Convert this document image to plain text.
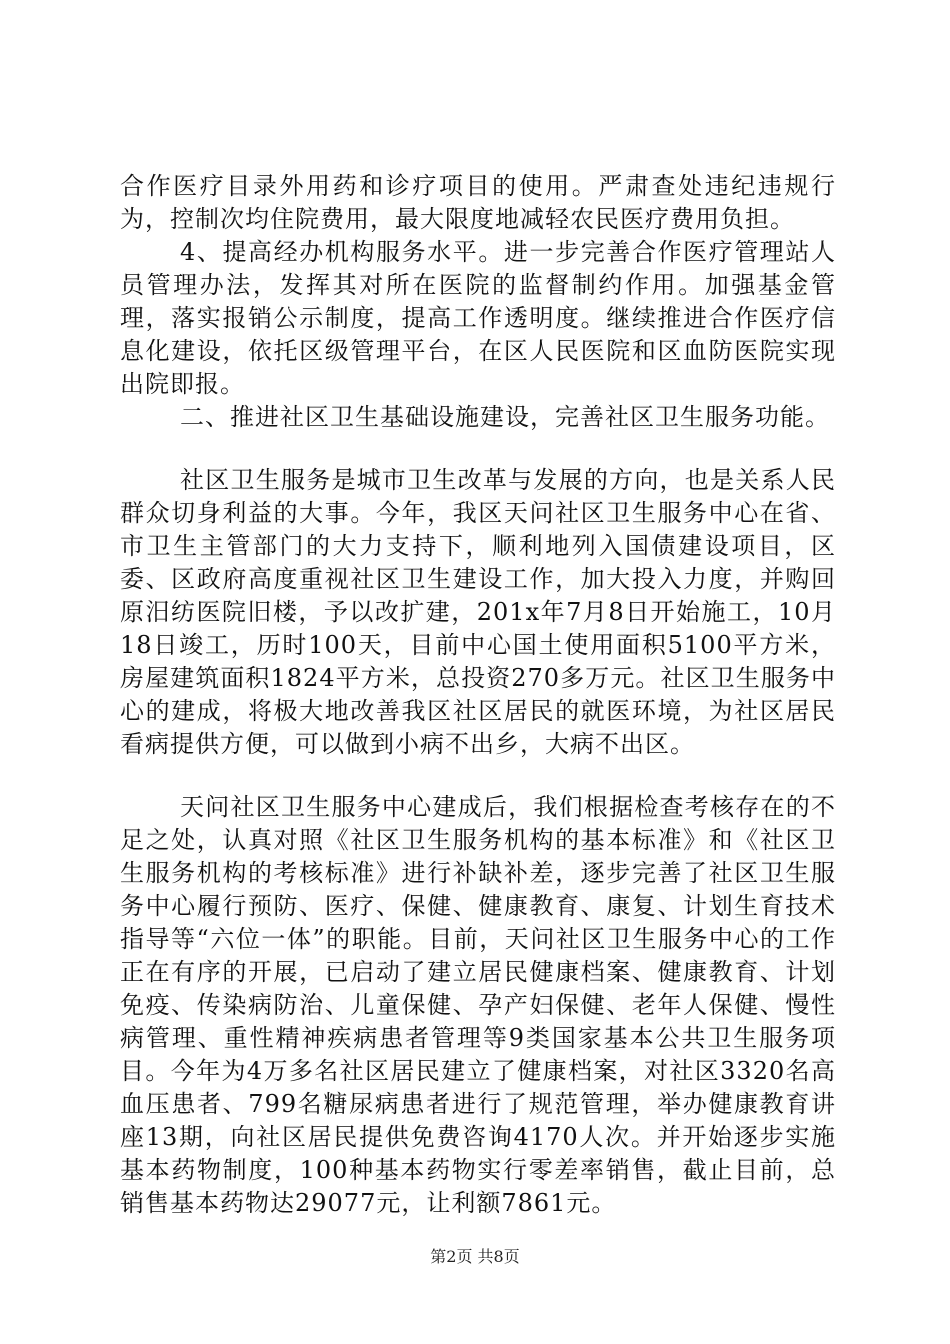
合作医疗目录外用药和诊疗项目的使用。严肃查处违纪违规行为，控制次均住院费用，最大限度地减轻农民医疗费用负担。

4、提高经办机构服务水平。进一步完善合作医疗管理站人员管理办法，发挥其对所在医院的监督制约作用。加强基金管理，落实报销公示制度，提高工作透明度。继续推进合作医疗信息化建设，依托区级管理平台，在区人民医院和区血防医院实现出院即报。

二、推进社区卫生基础设施建设，完善社区卫生服务功能。

社区卫生服务是城市卫生改革与发展的方向，也是关系人民群众切身利益的大事。今年，我区天问社区卫生服务中心在省、市卫生主管部门的大力支持下，顺利地列入国债建设项目，区委、区政府高度重视社区卫生建设工作，加大投入力度，并购回原汨纺医院旧楼，予以改扩建，201x年7月8日开始施工，10月18日竣工，历时100天，目前中心国土使用面积5100平方米，房屋建筑面积1824平方米，总投资270多万元。社区卫生服务中心的建成，将极大地改善我区社区居民的就医环境，为社区居民看病提供方便，可以做到小病不出乡，大病不出区。

天问社区卫生服务中心建成后，我们根据检查考核存在的不足之处，认真对照《社区卫生服务机构的基本标准》和《社区卫生服务机构的考核标准》进行补缺补差，逐步完善了社区卫生服务中心履行预防、医疗、保健、健康教育、康复、计划生育技术指导等“六位一体”的职能。目前，天问社区卫生服务中心的工作正在有序的开展，已启动了建立居民健康档案、健康教育、计划免疫、传染病防治、儿童保健、孕产妇保健、老年人保健、慢性病管理、重性精神疾病患者管理等9类国家基本公共卫生服务项目。今年为4万多名社区居民建立了健康档案，对社区3320名高血压患者、799名糖尿病患者进行了规范管理，举办健康教育讲座13期，向社区居民提供免费咨询4170人次。并开始逐步实施基本药物制度，100种基本药物实行零差率销售，截止目前，总销售基本药物达29077元，让利额7861元。

第2页 共8页
